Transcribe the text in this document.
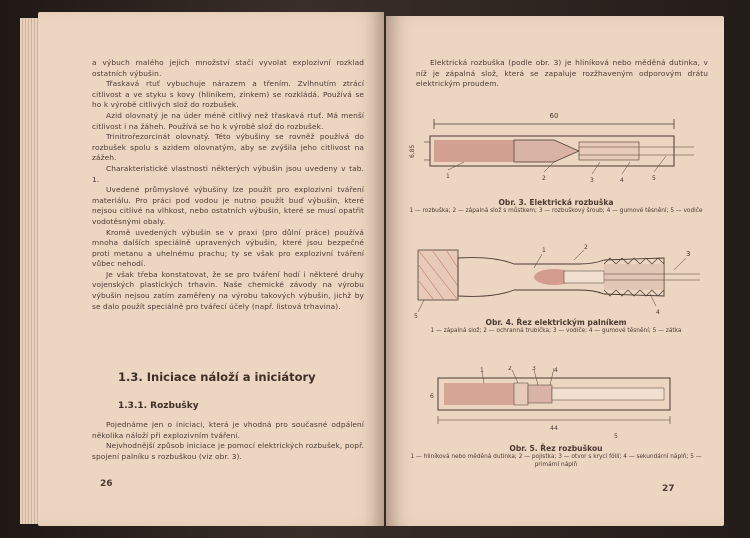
a výbuch malého jejich množství stačí vyvolat explozivní rozklad ostatních výbušin.

Třaskavá rtuť vybuchuje nárazem a třením. Zvlhnutím ztrácí citlivost a ve styku s kovy (hliníkem, zinkem) se rozkládá. Používá se ho k výrobě citlivých slož do rozbušek.

Azid olovnatý je na úder méně citlivý než třaskavá rtuť. Má menší citlivost i na žáheh. Používá se ho k výrobě slož do rozbušek.

Trinitrořezorcinát olovnatý. Této výbušiny se rovněž používá do rozbušek spolu s azidem olovnatým, aby se zvýšila jeho citlivost na zážeh.

Charakteristické vlastnosti některých výbušin jsou uvedeny v tab. 1.

Uvedené průmyslové výbušiny lze použít pro explozivní tváření materiálu. Pro práci pod vodou je nutno použít buď výbušin, které nejsou citlivé na vlhkost, nebo ostatních výbušin, které se musí opatřit vodotěsnými obaly.

Kromě uvedených výbušin se v praxi (pro důlní práce) používá mnoha dalších speciálně upravených výbušin, které jsou bezpečné proti metanu a uhelnému prachu; ty se však pro explozivní tváření vůbec nehodí.

Je však třeba konstatovat, že se pro tváření hodí i některé druhy vojenských plastických trhavin. Naše chemické závody na výrobu výbušin nejsou zatím zaměřeny na výrobu takových výbušin, jichž by se dalo použít speciálně pro tvářecí účely (např. listová trhavina).

1.3. Iniciace náloží a iniciátory
1.3.1. Rozbušky

Pojednáme jen o iniciaci, která je vhodná pro současné odpálení několika náloží při explozivním tváření.

Nejvhodnější způsob iniciace je pomocí elektrických rozbušek, popř. spojení palníku s rozbuškou (viz obr. 3).

26

Elektrická rozbuška (podle obr. 3) je hliníková nebo měděná dutinka, v níž je zápalná slož, která se zapaluje rozžhaveným odporovým drátu elektrickým proudem.

60
6,85
1	2	3	4	5
Obr. 3. Elektrická rozbuška
1 — rozbuška; 2 — zápalná slož s můstkem; 3 — rozbuškový šroub; 4 — gumové těsnění; 5 — vodiče
1	2
3
4
5
Obr. 4. Řez elektrickým palníkem
1 — zápalná slož; 2 — ochranná trubička; 3 — vodiče; 4 — gumové těsnění; 5 — zátka
44
6
1	2	3	4
5
Obr. 5. Řez rozbuškou
1 — hliníková nebo měděná dutinka; 2 — pojistka; 3 — otvor s krycí fólií; 4 — sekundární náplň; 5 — primární náplň
27
